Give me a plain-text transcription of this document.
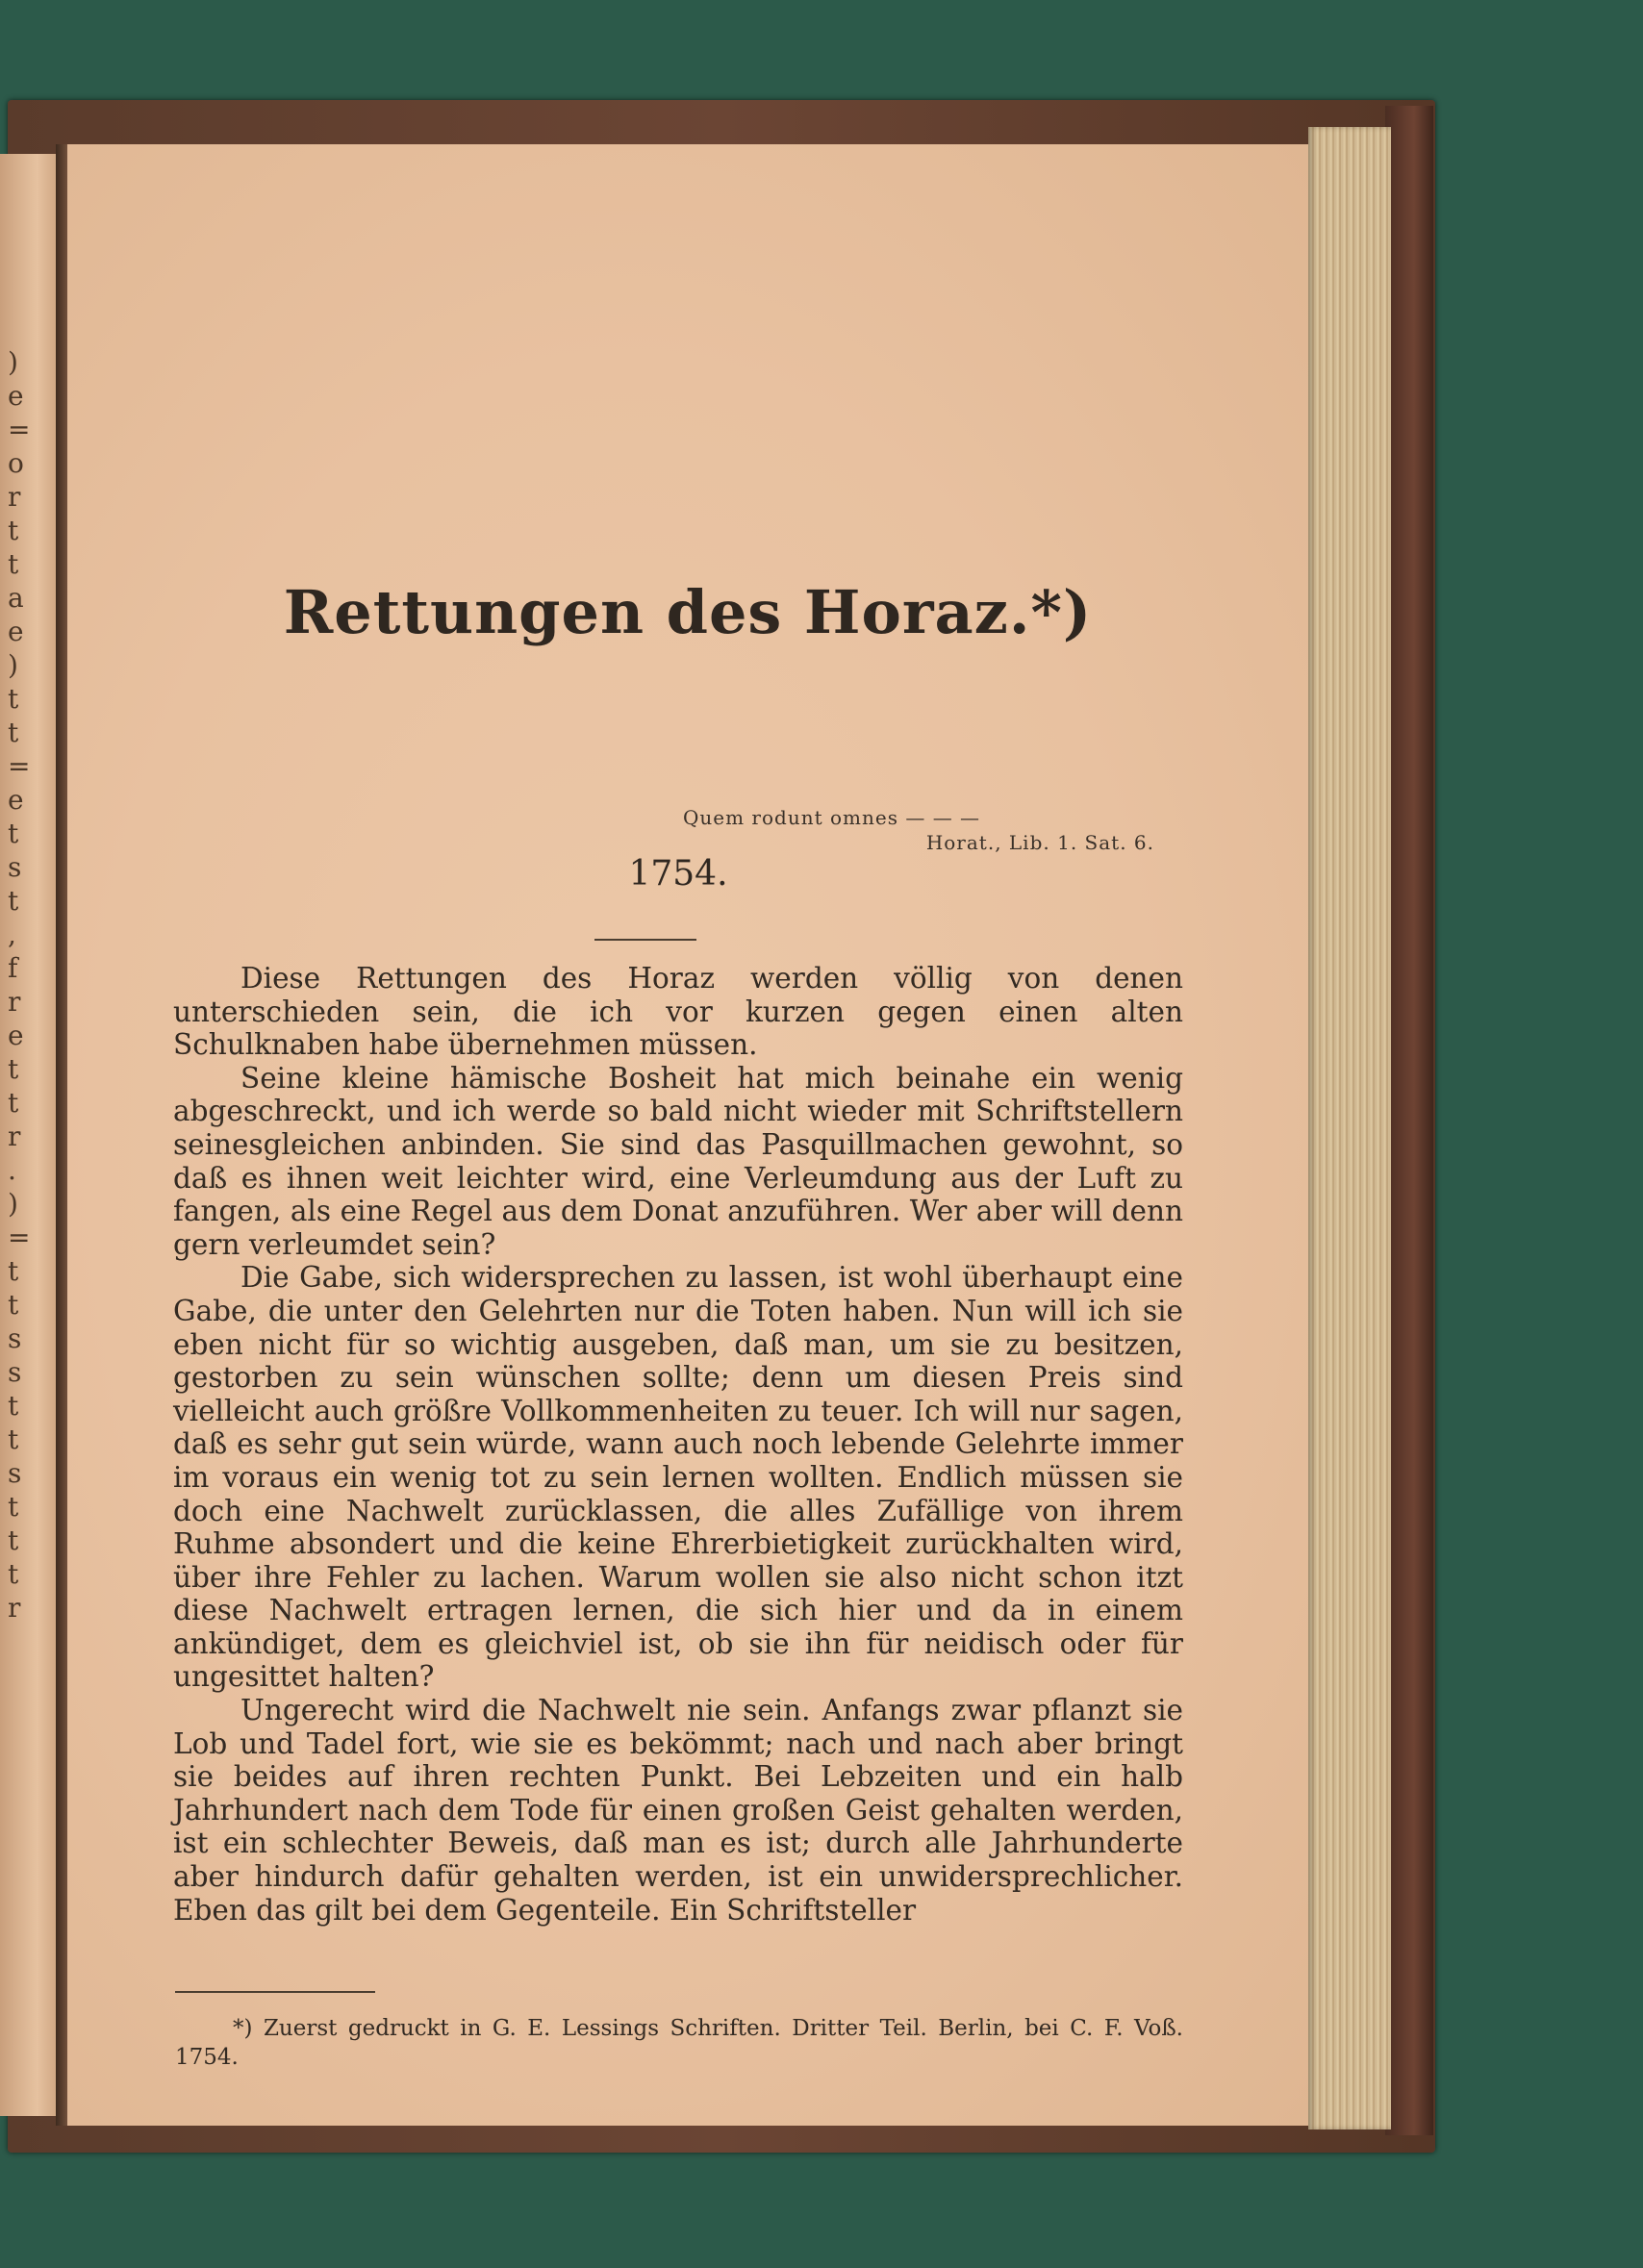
)
e
=
o
r
t
t
a
e
)
t
t
=
e
t
s
t
,
f
r
e
t
t
r
.
)
=
t
t
s
s
t
t
s
t
t
t
r
Rettungen des Horaz.*)
Quem rodunt omnes — — —
Horat., Lib. 1. Sat. 6.
1754.

Diese Rettungen des Horaz werden völlig von denen unterschieden sein, die ich vor kurzen gegen einen alten Schulknaben habe übernehmen müssen.

Seine kleine hämische Bosheit hat mich beinahe ein wenig abgeschreckt, und ich werde so bald nicht wieder mit Schriftstellern seinesgleichen anbinden. Sie sind das Pasquillmachen gewohnt, so daß es ihnen weit leichter wird, eine Verleumdung aus der Luft zu fangen, als eine Regel aus dem Donat anzuführen. Wer aber will denn gern verleumdet sein?

Die Gabe, sich widersprechen zu lassen, ist wohl überhaupt eine Gabe, die unter den Gelehrten nur die Toten haben. Nun will ich sie eben nicht für so wichtig ausgeben, daß man, um sie zu besitzen, gestorben zu sein wünschen sollte; denn um diesen Preis sind vielleicht auch größre Vollkommenheiten zu teuer. Ich will nur sagen, daß es sehr gut sein würde, wann auch noch lebende Gelehrte immer im voraus ein wenig tot zu sein lernen wollten. Endlich müssen sie doch eine Nachwelt zurücklassen, die alles Zufällige von ihrem Ruhme absondert und die keine Ehrerbietigkeit zurückhalten wird, über ihre Fehler zu lachen. Warum wollen sie also nicht schon itzt diese Nachwelt ertragen lernen, die sich hier und da in einem ankündiget, dem es gleichviel ist, ob sie ihn für neidisch oder für ungesittet halten?

Ungerecht wird die Nachwelt nie sein. Anfangs zwar pflanzt sie Lob und Tadel fort, wie sie es bekömmt; nach und nach aber bringt sie beides auf ihren rechten Punkt. Bei Lebzeiten und ein halb Jahrhundert nach dem Tode für einen großen Geist gehalten werden, ist ein schlechter Beweis, daß man es ist; durch alle Jahrhunderte aber hindurch dafür gehalten werden, ist ein unwidersprechlicher. Eben das gilt bei dem Gegenteile. Ein Schriftsteller

*) Zuerst gedruckt in G. E. Lessings Schriften. Dritter Teil. Berlin, bei C. F. Voß. 1754.
